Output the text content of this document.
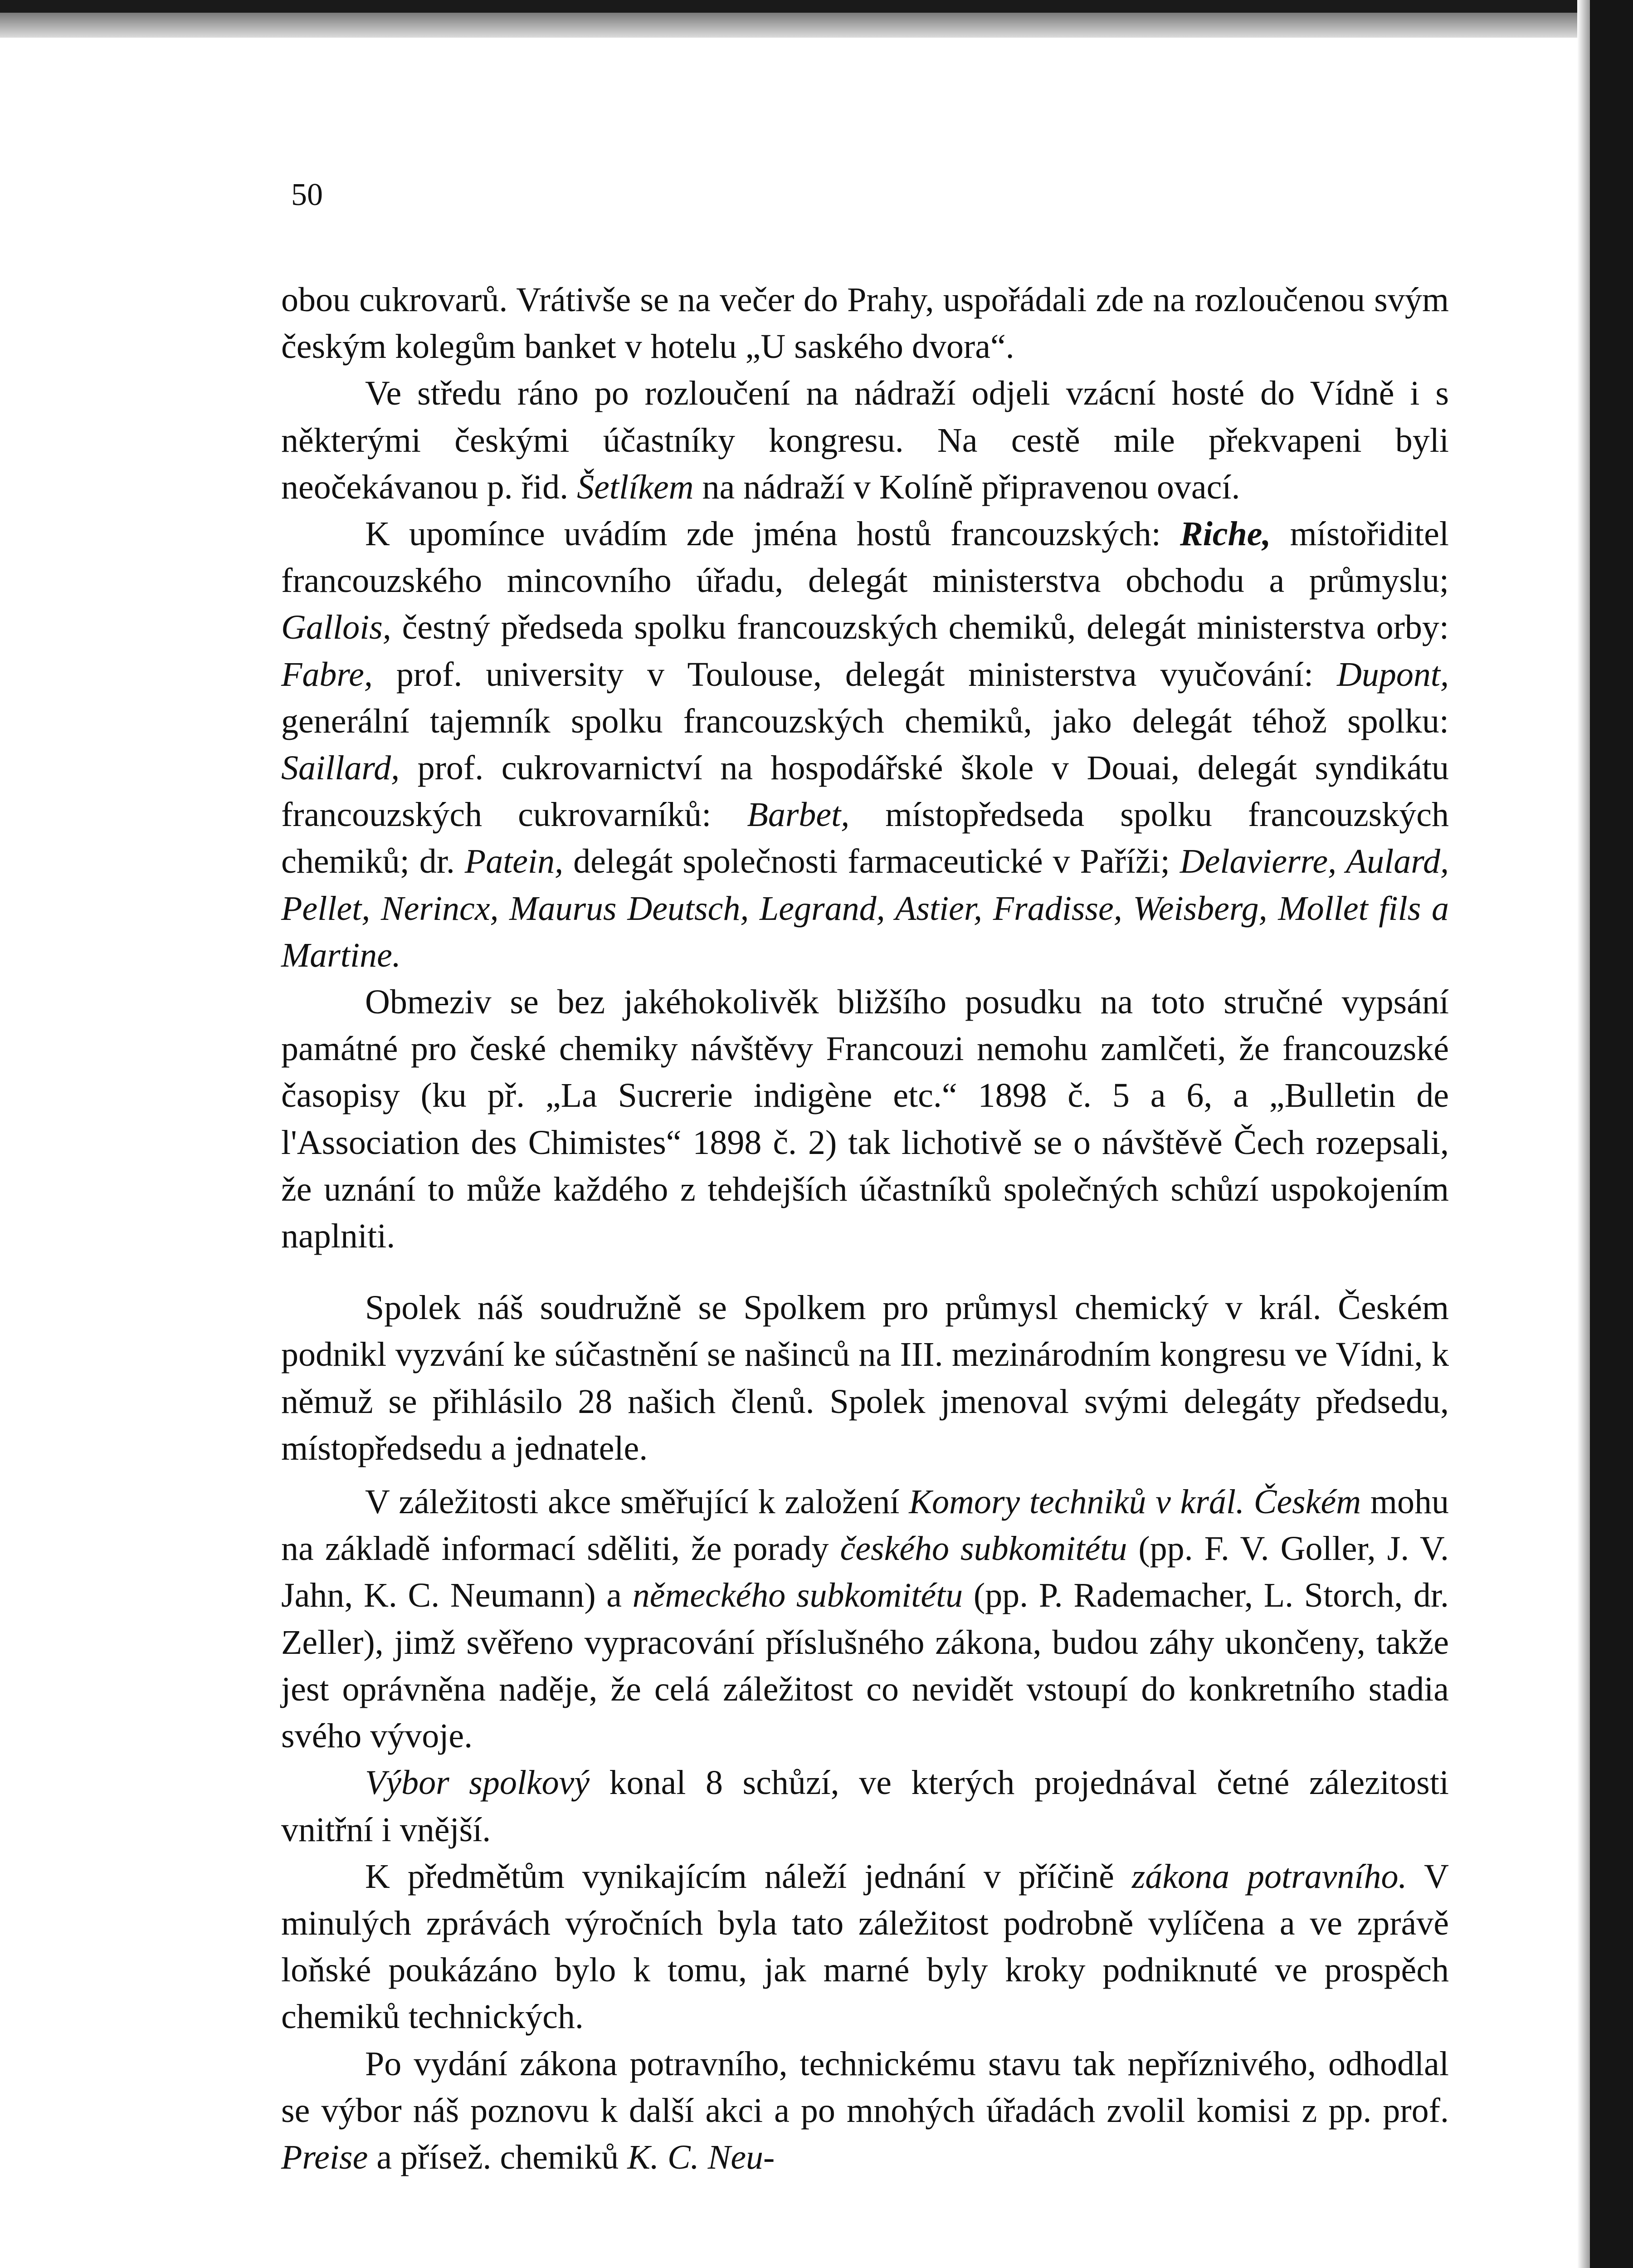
50

obou cukrovarů. Vrátivše se na večer do Prahy, uspořádali zde na rozloučenou svým českým kolegům banket v hotelu „U saského dvora“.

Ve středu ráno po rozloučení na nádraží odjeli vzácní hosté do Vídně i s některými českými účastníky kongresu. Na cestě mile překvapeni byli neočekávanou p. řid. Šetlíkem na nádraží v Kolíně připravenou ovací.

K upomínce uvádím zde jména hostů francouzských: Riche, místořiditel francouzského mincovního úřadu, delegát ministerstva obchodu a průmyslu; Gallois, čestný předseda spolku francouzských chemiků, delegát ministerstva orby: Fabre, prof. university v Toulouse, delegát ministerstva vyučování: Dupont, generální tajemník spolku francouzských chemiků, jako delegát téhož spolku: Saillard, prof. cukrovarnictví na hospodářské škole v Douai, delegát syndikátu francouzských cukrovarníků: Barbet, místopředseda spolku francouzských chemiků; dr. Patein, delegát společnosti farmaceutické v Paříži; Delavierre, Aulard, Pellet, Nerincx, Maurus Deutsch, Legrand, Astier, Fradisse, Weisberg, Mollet fils a Martine.

Obmeziv se bez jakéhokolivěk bližšího posudku na toto stručné vypsání památné pro české chemiky návštěvy Francouzi nemohu zamlčeti, že francouzské časopisy (ku př. „La Sucrerie indigène etc.“ 1898 č. 5 a 6, a „Bulletin de l'Association des Chimistes“ 1898 č. 2) tak lichotivě se o návštěvě Čech rozepsali, že uznání to může každého z tehdejších účastníků společných schůzí uspokojením naplniti.

Spolek náš soudružně se Spolkem pro průmysl chemický v král. Českém podnikl vyzvání ke súčastnění se našinců na III. mezinárodním kongresu ve Vídni, k němuž se přihlásilo 28 našich členů. Spolek jmenoval svými delegáty předsedu, místopředsedu a jednatele.

V záležitosti akce směřující k založení Komory techniků v král. Českém mohu na základě informací sděliti, že porady českého subkomitétu (pp. F. V. Goller, J. V. Jahn, K. C. Neumann) a německého subkomitétu (pp. P. Rademacher, L. Storch, dr. Zeller), jimž svěřeno vypracování příslušného zákona, budou záhy ukončeny, takže jest oprávněna naděje, že celá záležitost co nevidět vstoupí do konkretního stadia svého vývoje.

Výbor spolkový konal 8 schůzí, ve kterých projednával četné zálezitosti vnitřní i vnější.

K předmětům vynikajícím náleží jednání v příčině zákona potravního. V minulých zprávách výročních byla tato záležitost podrobně vylíčena a ve zprávě loňské poukázáno bylo k tomu, jak marné byly kroky podniknuté ve prospěch chemiků technických.

Po vydání zákona potravního, technickému stavu tak nepříznivého, odhodlal se výbor náš poznovu k další akci a po mnohých úřadách zvolil komisi z pp. prof. Preise a přísež. chemiků K. C. Neu-
